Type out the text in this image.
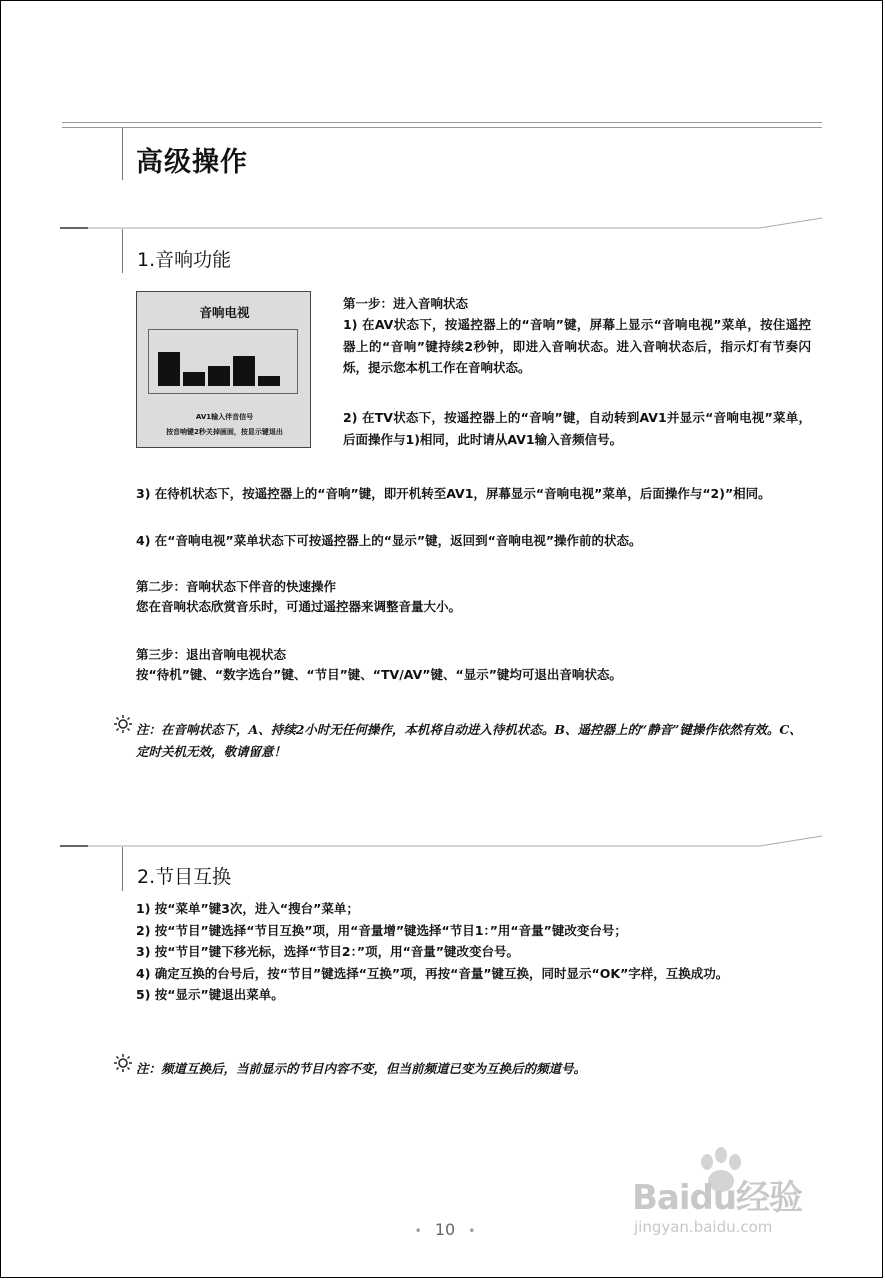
高级操作
1.音响功能
音响电视
AV1输入伴音信号
按音响键2秒关掉画面，按显示键退出
第一步：进入音响状态
1) 在AV状态下，按遥控器上的“音响”键，屏幕上显示“音响电视”菜单，按住遥控器上的“音响”键持续2秒钟，即进入音响状态。进入音响状态后，指示灯有节奏闪烁，提示您本机工作在音响状态。
2) 在TV状态下，按遥控器上的“音响”键，自动转到AV1并显示“音响电视”菜单，后面操作与1)相同，此时请从AV1输入音频信号。
3) 在待机状态下，按遥控器上的“音响”键，即开机转至AV1，屏幕显示“音响电视”菜单，后面操作与“2)”相同。
4) 在“音响电视”菜单状态下可按遥控器上的“显示”键，返回到“音响电视”操作前的状态。
第二步：音响状态下伴音的快速操作
您在音响状态欣赏音乐时，可通过遥控器来调整音量大小。
第三步：退出音响电视状态
按“待机”键、“数字选台”键、“节目”键、“TV/AV”键、“显示”键均可退出音响状态。
注：在音响状态下，A、持续2小时无任何操作，本机将自动进入待机状态。B、遥控器上的“静音”键操作依然有效。C、定时关机无效，敬请留意！
2.节目互换
1) 按“菜单”键3次，进入“搜台”菜单；
2) 按“节目”键选择“节目互换”项，用“音量增”键选择“节目1：”用“音量”键改变台号；
3) 按“节目”键下移光标，选择“节目2：”项，用“音量”键改变台号。
4) 确定互换的台号后，按“节目”键选择“互换”项，再按“音量”键互换，同时显示“OK”字样，互换成功。
5) 按“显示”键退出菜单。
注：频道互换后，当前显示的节目内容不变，但当前频道已变为互换后的频道号。
• 10 •
Baidu经验
jingyan.baidu.com
